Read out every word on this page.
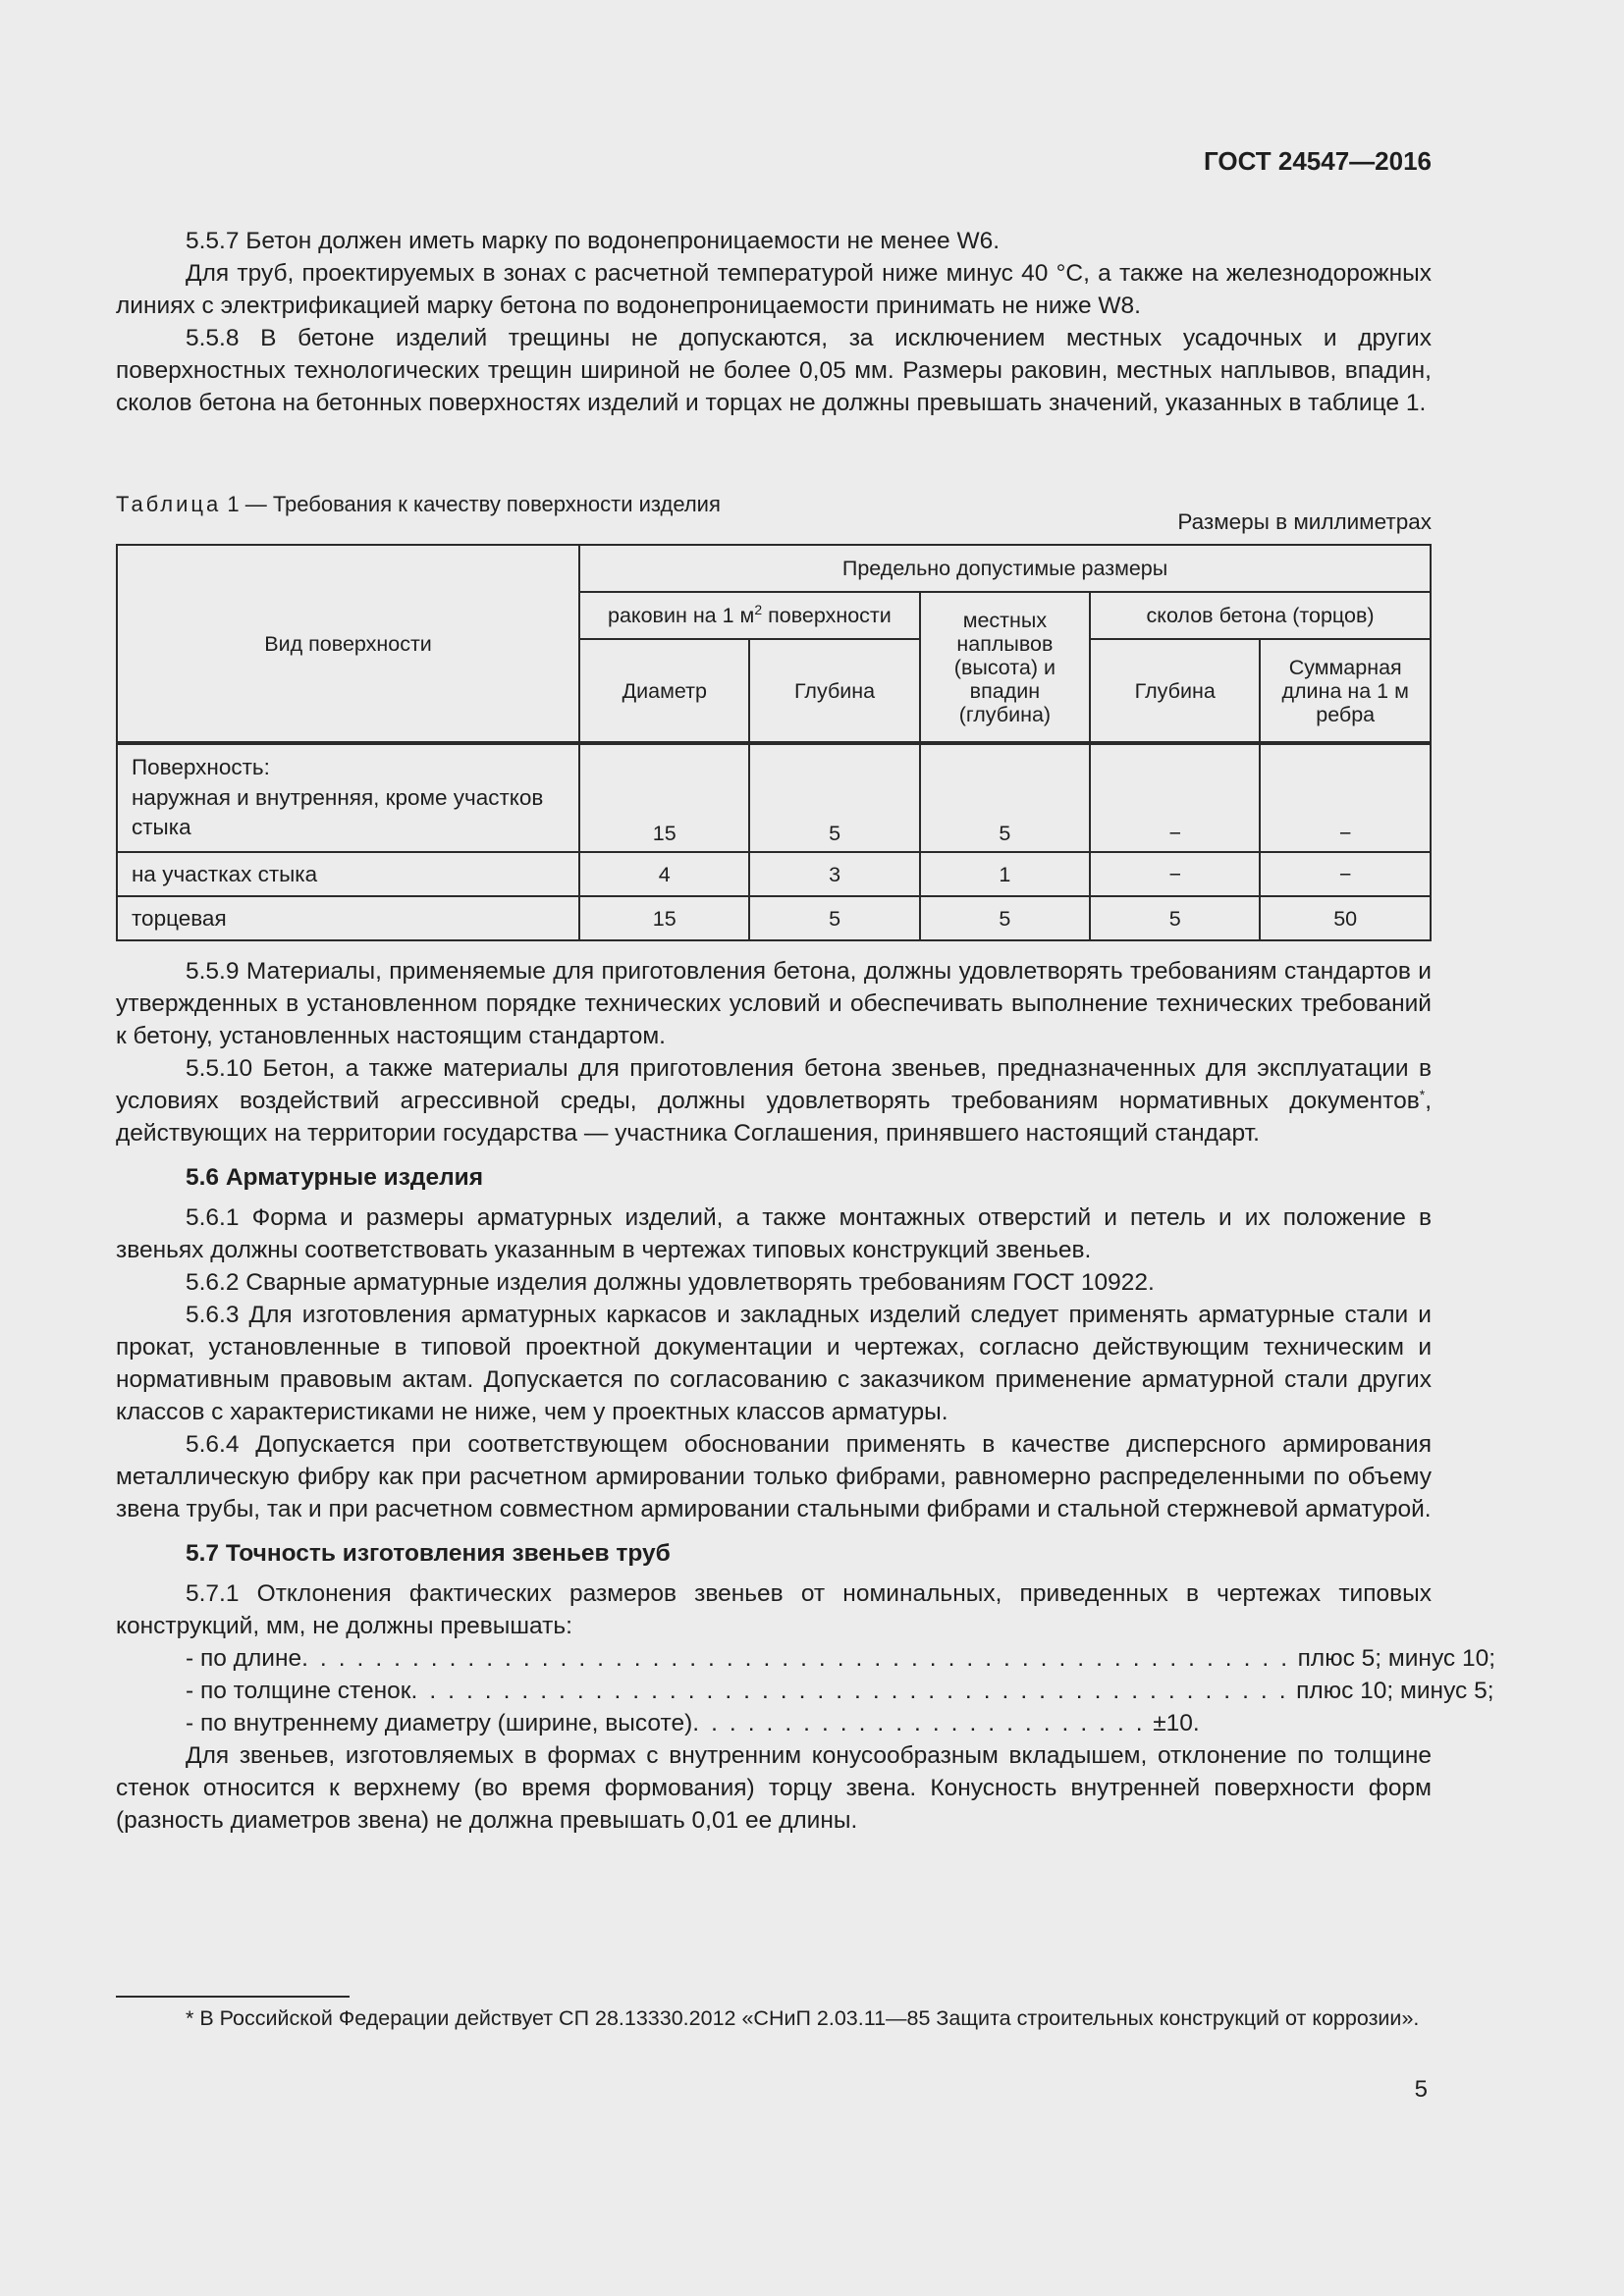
ГОСТ 24547—2016

5.5.7 Бетон должен иметь марку по водонепроницаемости не менее W6.

Для труб, проектируемых в зонах с расчетной температурой ниже минус 40 °С, а также на железнодорожных линиях с электрификацией марку бетона по водонепроницаемости принимать не ниже W8.

5.5.8 В бетоне изделий трещины не допускаются, за исключением местных усадочных и других поверхностных технологических трещин шириной не более 0,05 мм. Размеры раковин, местных наплывов, впадин, сколов бетона на бетонных поверхностях изделий и торцах не должны превышать значений, указанных в таблице 1.

Таблица 1 — Требования к качеству поверхности изделия
Размеры в миллиметрах
Вид поверхности	Предельно допустимые размеры				
	раковин на 1 $м^2$ поверхности		местных наплывов (высота) и впадин (глубина)	сколов бетона (торцов)	
	Диаметр	Глубина		Глубина	Суммарная длина на 1 м ребра

Поверхность:
наружная и внутренняя, кроме участков стыка	15	5	5	−	−
на участках стыка	4	3	1	−	−
торцевая	15	5	5	5	50

5.5.9 Материалы, применяемые для приготовления бетона, должны удовлетворять требованиям стандартов и утвержденных в установленном порядке технических условий и обеспечивать выполнение технических требований к бетону, установленных настоящим стандартом.

5.5.10 Бетон, а также материалы для приготовления бетона звеньев, предназначенных для эксплуатации в условиях воздействий агрессивной среды, должны удовлетворять требованиям нормативных документов*, действующих на территории государства — участника Соглашения, принявшего настоящий стандарт.

5.6 Арматурные изделия

5.6.1 Форма и размеры арматурных изделий, а также монтажных отверстий и петель и их положение в звеньях должны соответствовать указанным в чертежах типовых конструкций звеньев.

5.6.2 Сварные арматурные изделия должны удовлетворять требованиям ГОСТ 10922.

5.6.3 Для изготовления арматурных каркасов и закладных изделий следует применять арматурные стали и прокат, установленные в типовой проектной документации и чертежах, согласно действующим техническим и нормативным правовым актам. Допускается по согласованию с заказчиком применение арматурной стали других классов с характеристиками не ниже, чем у проектных классов арматуры.

5.6.4 Допускается при соответствующем обосновании применять в качестве дисперсного армирования металлическую фибру как при расчетном армировании только фибрами, равномерно распределенными по объему звена трубы, так и при расчетном совместном армировании стальными фибрами и стальной стержневой арматурой.

5.7 Точность изготовления звеньев труб

5.7.1 Отклонения фактических размеров звеньев от номинальных, приведенных в чертежах типовых конструкций, мм, не должны превышать:

- по длине . . . . . . . . . . . . . . . . . . . . . . . . . . . . . . . . . . . . . . . . . . . . . . . . . . . . . . плюс 5; минус 10;
- по толщине стенок . . . . . . . . . . . . . . . . . . . . . . . . . . . . . . . . . . . . . . . . . . . . . . . . плюс 10; минус 5;
- по внутреннему диаметру (ширине, высоте) . . . . . . . . . . . . . . . . . . . . . . . . . ±10.

Для звеньев, изготовляемых в формах с внутренним конусообразным вкладышем, отклонение по толщине стенок относится к верхнему (во время формования) торцу звена. Конусность внутренней поверхности форм (разность диаметров звена) не должна превышать 0,01 ее длины.

* В Российской Федерации действует СП 28.13330.2012 «СНиП 2.03.11—85 Защита строительных конструкций от коррозии».

5
